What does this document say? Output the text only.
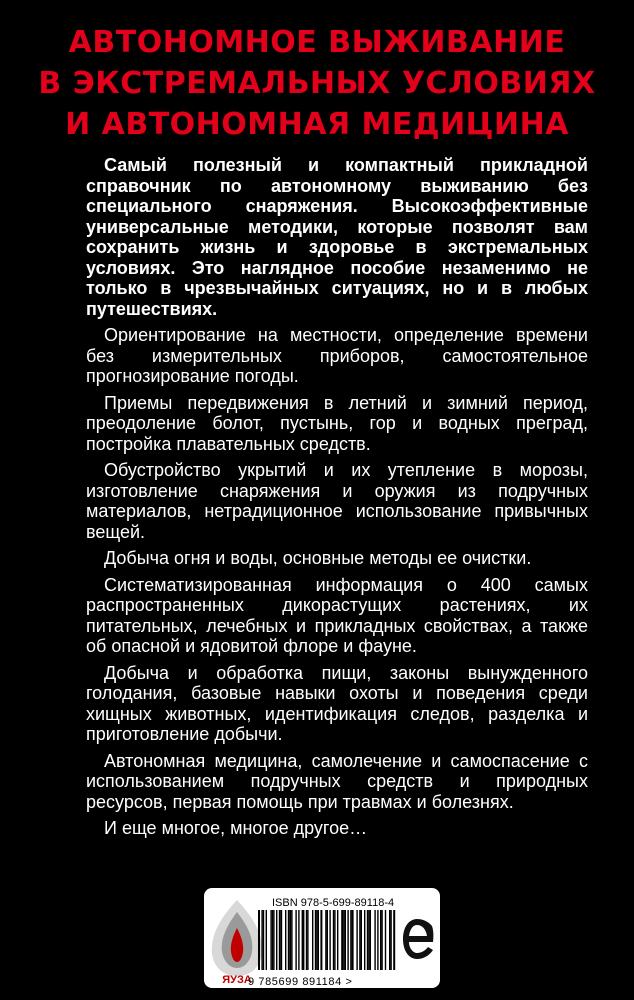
АВТОНОМНОЕ ВЫЖИВАНИЕ
В ЭКСТРЕМАЛЬНЫХ УСЛОВИЯХ
И АВТОНОМНАЯ МЕДИЦИНА

Самый полезный и компактный прикладной справочник по автономному выживанию без специального снаряжения. Высокоэффективные универсальные методики, которые позволят вам сохранить жизнь и здоровье в экстремальных условиях. Это наглядное пособие незаменимо не только в чрезвычайных ситуациях, но и в любых путешествиях.

Ориентирование на местности, определение времени без измерительных приборов, самостоятельное прогнозирование погоды.

Приемы передвижения в летний и зимний период, преодоление болот, пустынь, гор и водных преград, постройка плавательных средств.

Обустройство укрытий и их утепление в морозы, изготовление снаряжения и оружия из подручных материалов, нетрадиционное использование привычных вещей.

Добыча огня и воды, основные методы ее очистки.

Систематизированная информация о 400 самых распространенных дикорастущих растениях, их питательных, лечебных и прикладных свойствах, а также об опасной и ядовитой флоре и фауне.

Добыча и обработка пищи, законы вынужденного голодания, базовые навыки охоты и поведения среди хищных животных, идентификация следов, разделка и приготовление добычи.

Автономная медицина, самолечение и самоспасение с использованием подручных средств и природных ресурсов, первая помощь при травмах и болезнях.

И еще многое, многое другое…

ЯУЗА
ISBN 978-5-699-89118-4
9 785699 891184 >
